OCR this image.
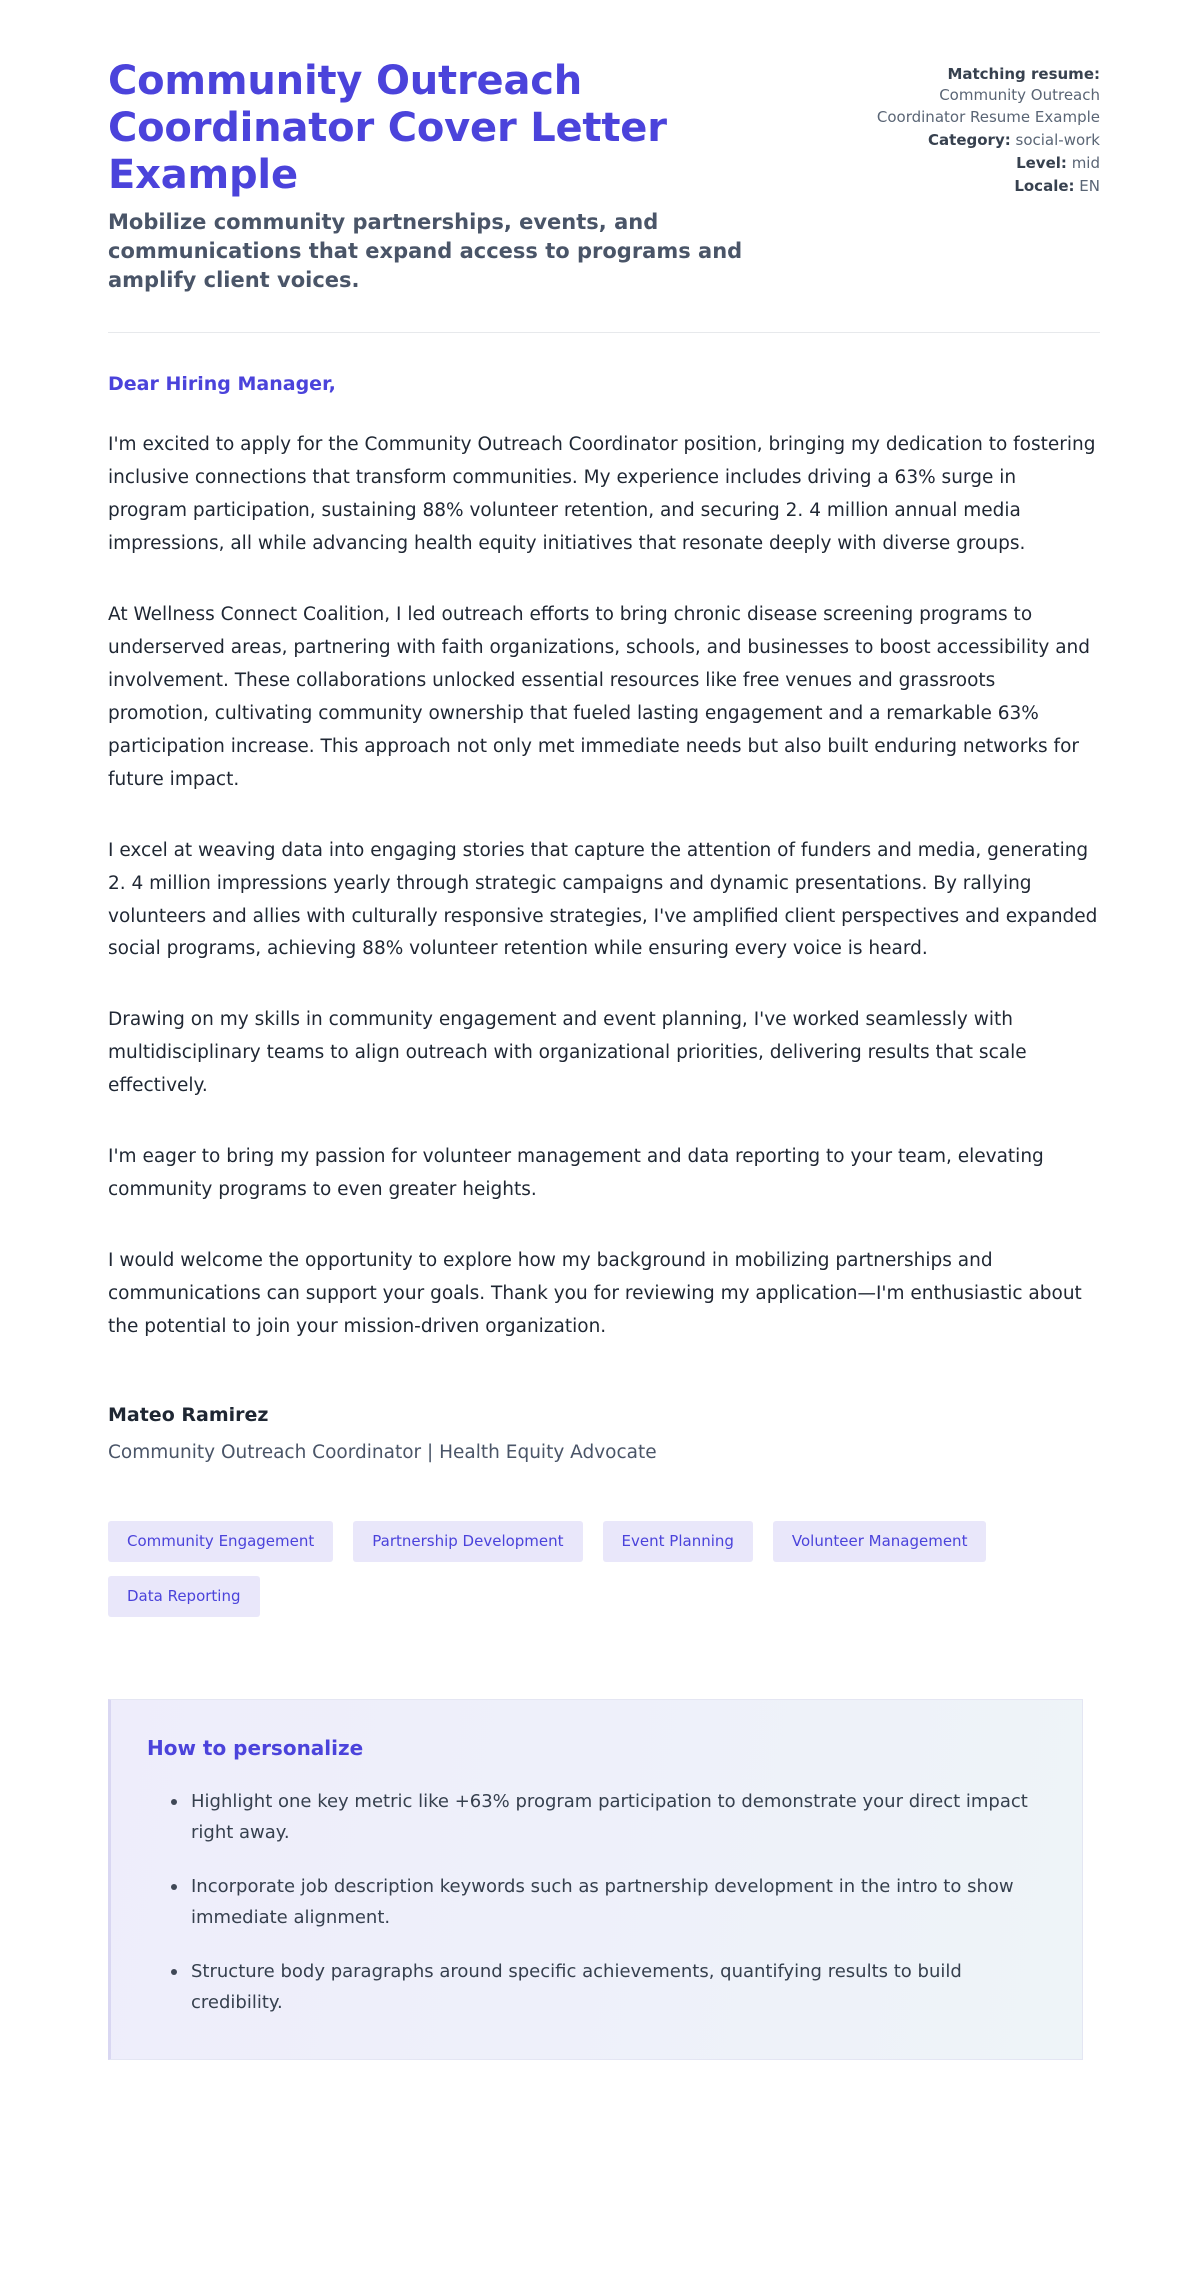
Community Outreach Coordinator Cover Letter Example

Mobilize community partnerships, events, and communications that expand access to programs and amplify client voices.

Matching resume:
Community Outreach Coordinator Resume Example
Category: social-work
Level: mid
Locale: EN

Dear Hiring Manager,

I'm excited to apply for the Community Outreach Coordinator position, bringing my dedication to fostering inclusive connections that transform communities. My experience includes driving a 63% surge in program participation, sustaining 88% volunteer retention, and securing 2. 4 million annual media impressions, all while advancing health equity initiatives that resonate deeply with diverse groups.

At Wellness Connect Coalition, I led outreach efforts to bring chronic disease screening programs to underserved areas, partnering with faith organizations, schools, and businesses to boost accessibility and involvement. These collaborations unlocked essential resources like free venues and grassroots promotion, cultivating community ownership that fueled lasting engagement and a remarkable 63% participation increase. This approach not only met immediate needs but also built enduring networks for future impact.

I excel at weaving data into engaging stories that capture the attention of funders and media, generating 2. 4 million impressions yearly through strategic campaigns and dynamic presentations. By rallying volunteers and allies with culturally responsive strategies, I've amplified client perspectives and expanded social programs, achieving 88% volunteer retention while ensuring every voice is heard.

Drawing on my skills in community engagement and event planning, I've worked seamlessly with multidisciplinary teams to align outreach with organizational priorities, delivering results that scale effectively.

I'm eager to bring my passion for volunteer management and data reporting to your team, elevating community programs to even greater heights.

I would welcome the opportunity to explore how my background in mobilizing partnerships and communications can support your goals. Thank you for reviewing my application—I'm enthusiastic about the potential to join your mission-driven organization.

Mateo Ramirez

Community Outreach Coordinator | Health Equity Advocate

Community Engagement	Partnership Development	Event Planning	Volunteer Management
Data Reporting
How to personalize
Highlight one key metric like +63% program participation to demonstrate your direct impact right away.
Incorporate job description keywords such as partnership development in the intro to show immediate alignment.
Structure body paragraphs around specific achievements, quantifying results to build credibility.
